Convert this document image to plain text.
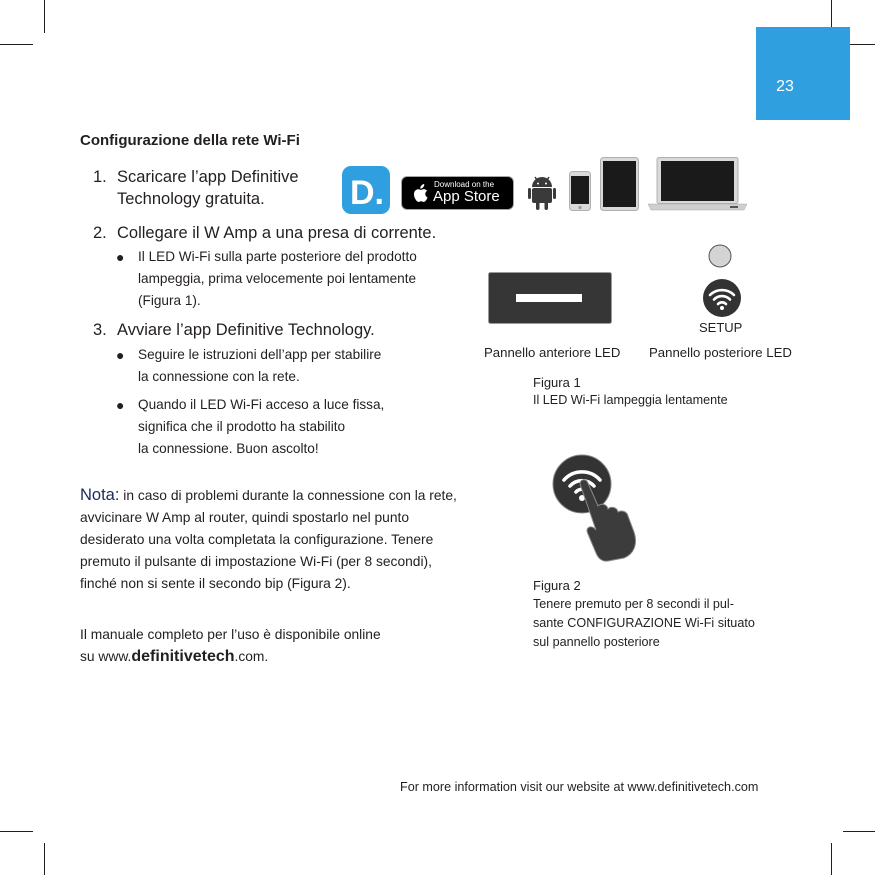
23
Configurazione della rete Wi-Fi
1. Scaricare l’app Definitive
Technology gratuita.	D.	Download on the
App Store
2. Collegare il W Amp a una presa di corrente.
● Il LED Wi-Fi sulla parte posteriore del prodotto
lampeggia, prima velocemente poi lentamente
(Figura 1).
3. Avviare l’app Definitive Technology.
● Seguire le istruzioni dell’app per stabilire
la connessione con la rete.
● Quando il LED Wi-Fi acceso a luce fissa,
significa che il prodotto ha stabilito
la connessione. Buon ascolto!
SETUP
Pannello anteriore LED Pannello posteriore LED
Figura 1
Il LED Wi-Fi lampeggia lentamente
Figura 2
Tenere premuto per 8 secondi il pul-
sante CONFIGURAZIONE Wi-Fi situato
sul pannello posteriore
Nota: in caso di problemi durante la connessione con la rete,
avvicinare W Amp al router, quindi spostarlo nel punto
desiderato una volta completata la configurazione. Tenere
premuto il pulsante di impostazione Wi-Fi (per 8 secondi),
finché non si sente il secondo bip (Figura 2).
Il manuale completo per l’uso è disponibile online
su www.definitivetech.com.
For more information visit our website at www.definitivetech.com
